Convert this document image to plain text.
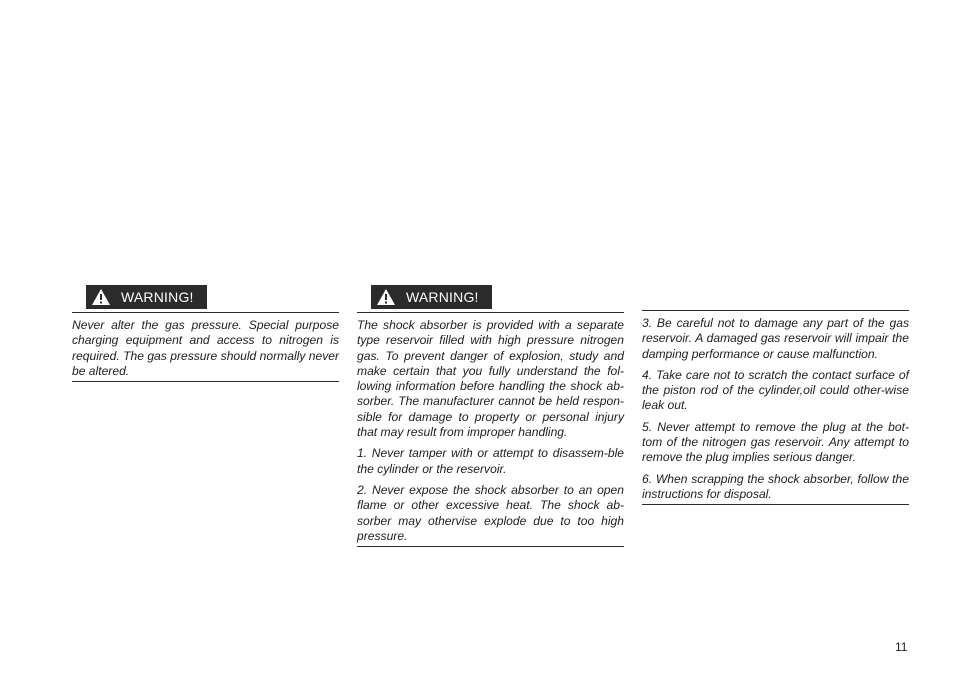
WARNING!

Never alter the gas pressure. Special purpose charging equipment and access to nitrogen is required. The gas pressure should normally never be altered.

WARNING!

The shock absorber is provided with a separate type reservoir filled with high pressure nitrogen gas. To prevent danger of explosion, study and make certain that you fully understand the fol-lowing information before handling the shock ab-sorber. The manufacturer cannot be held respon-sible for damage to property or personal injury that may result from improper handling.

1. Never tamper with or attempt to disassem-ble the cylinder or the reservoir.

2. Never expose the shock absorber to an open flame or other excessive heat. The shock ab-sorber may othervise explode due to too high pressure.

3. Be careful not to damage any part of the gas reservoir. A damaged gas reservoir will impair the damping performance or cause malfunction.

4. Take care not to scratch the contact surface of the piston rod of the cylinder,oil could other-wise leak out.

5. Never attempt to remove the plug at the bot-tom of the nitrogen gas reservoir. Any attempt to remove the plug implies serious danger.

6. When scrapping the shock absorber, follow the instructions for disposal.

11
